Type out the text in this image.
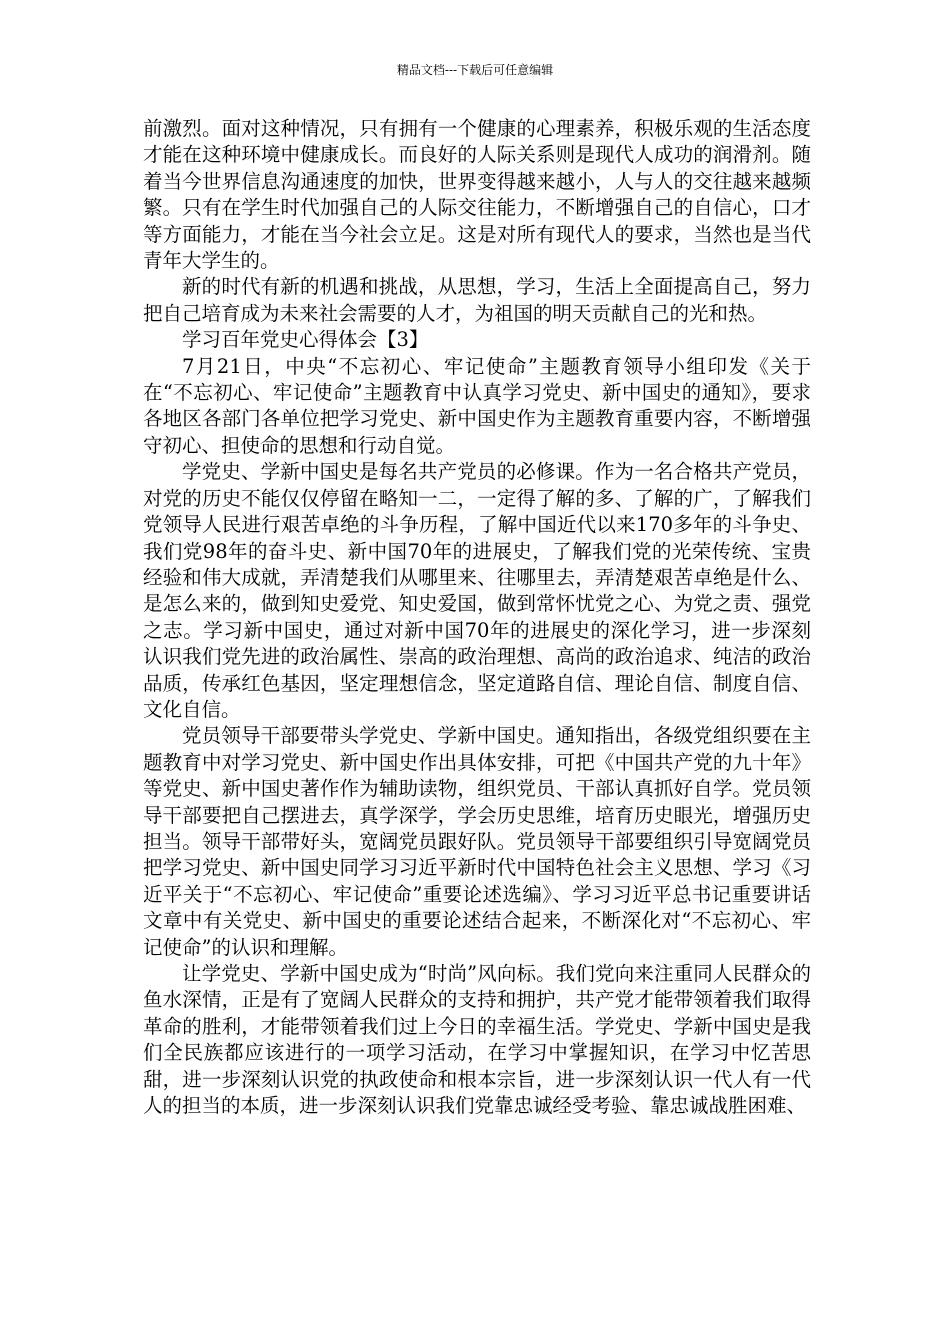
精品文档---下载后可任意编辑

前激烈。面对这种情况，只有拥有一个健康的心理素养，积极乐观的生活态度才能在这种环境中健康成长。而良好的人际关系则是现代人成功的润滑剂。随着当今世界信息沟通速度的加快，世界变得越来越小，人与人的交往越来越频繁。只有在学生时代加强自己的人际交往能力，不断增强自己的自信心，口才等方面能力，才能在当今社会立足。这是对所有现代人的要求，当然也是当代青年大学生的。

新的时代有新的机遇和挑战，从思想，学习，生活上全面提高自己，努力把自己培育成为未来社会需要的人才，为祖国的明天贡献自己的光和热。

学习百年党史心得体会【3】

7月21日，中央“不忘初心、牢记使命”主题教育领导小组印发《关于在“不忘初心、牢记使命”主题教育中认真学习党史、新中国史的通知》，要求各地区各部门各单位把学习党史、新中国史作为主题教育重要内容，不断增强守初心、担使命的思想和行动自觉。

学党史、学新中国史是每名共产党员的必修课。作为一名合格共产党员，对党的历史不能仅仅停留在略知一二，一定得了解的多、了解的广，了解我们党领导人民进行艰苦卓绝的斗争历程，了解中国近代以来170多年的斗争史、我们党98年的奋斗史、新中国70年的进展史，了解我们党的光荣传统、宝贵经验和伟大成就，弄清楚我们从哪里来、往哪里去，弄清楚艰苦卓绝是什么、是怎么来的，做到知史爱党、知史爱国，做到常怀忧党之心、为党之责、强党之志。学习新中国史，通过对新中国70年的进展史的深化学习，进一步深刻认识我们党先进的政治属性、崇高的政治理想、高尚的政治追求、纯洁的政治品质，传承红色基因，坚定理想信念，坚定道路自信、理论自信、制度自信、文化自信。

党员领导干部要带头学党史、学新中国史。通知指出，各级党组织要在主题教育中对学习党史、新中国史作出具体安排，可把《中国共产党的九十年》等党史、新中国史著作作为辅助读物，组织党员、干部认真抓好自学。党员领导干部要把自己摆进去，真学深学，学会历史思维，培育历史眼光，增强历史担当。领导干部带好头，宽阔党员跟好队。党员领导干部要组织引导宽阔党员把学习党史、新中国史同学习习近平新时代中国特色社会主义思想、学习《习近平关于“不忘初心、牢记使命”重要论述选编》、学习习近平总书记重要讲话文章中有关党史、新中国史的重要论述结合起来，不断深化对“不忘初心、牢记使命”的认识和理解。

让学党史、学新中国史成为“时尚”风向标。我们党向来注重同人民群众的鱼水深情，正是有了宽阔人民群众的支持和拥护，共产党才能带领着我们取得革命的胜利，才能带领着我们过上今日的幸福生活。学党史、学新中国史是我们全民族都应该进行的一项学习活动，在学习中掌握知识，在学习中忆苦思甜，进一步深刻认识党的执政使命和根本宗旨，进一步深刻认识一代人有一代人的担当的本质，进一步深刻认识我们党靠忠诚经受考验、靠忠诚战胜困难、
